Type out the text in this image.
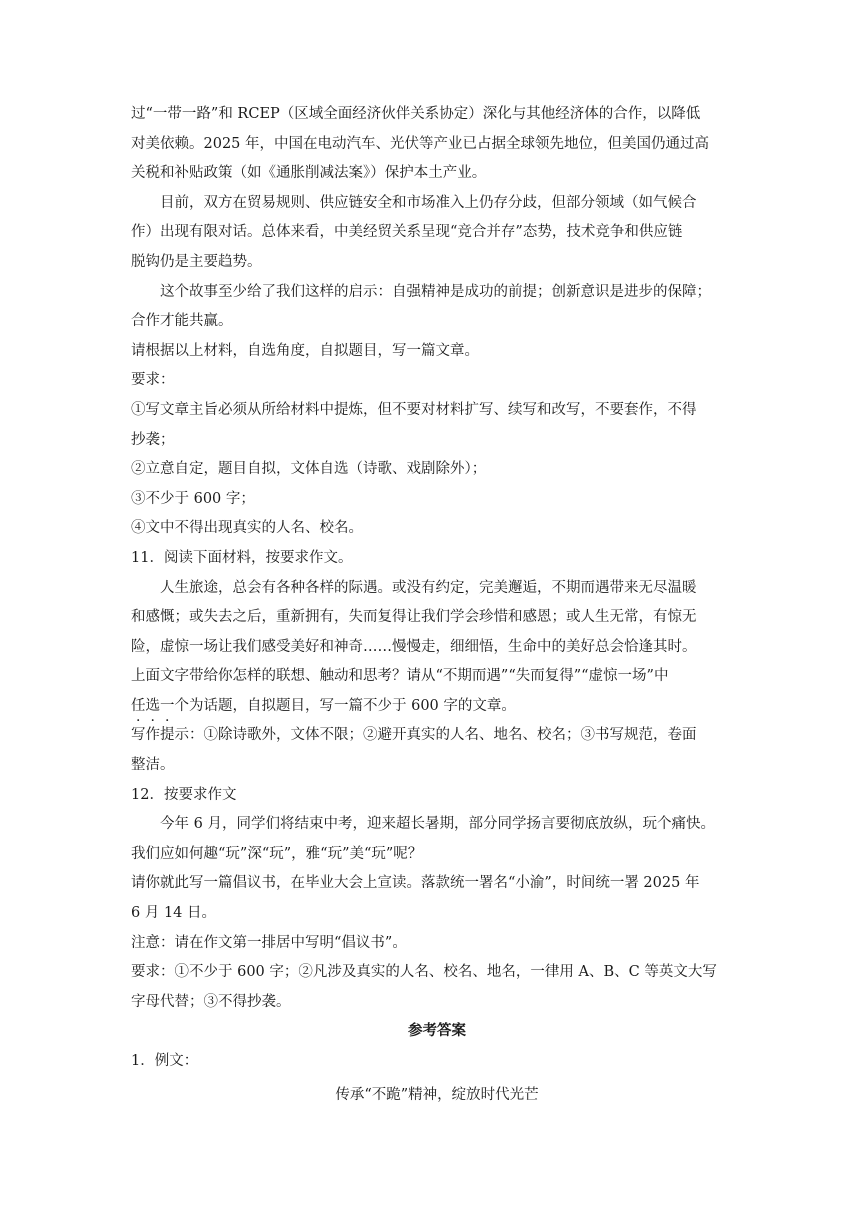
过“一带一路”和 RCEP（区域全面经济伙伴关系协定）深化与其他经济体的合作，以降低
对美依赖。2025 年，中国在电动汽车、光伏等产业已占据全球领先地位，但美国仍通过高
关税和补贴政策（如《通胀削减法案》）保护本土产业。
目前，双方在贸易规则、供应链安全和市场准入上仍存分歧，但部分领域（如气候合
作）出现有限对话。总体来看，中美经贸关系呈现“竞合并存”态势，技术竞争和供应链
脱钩仍是主要趋势。
这个故事至少给了我们这样的启示：自强精神是成功的前提；创新意识是进步的保障；
合作才能共赢。
请根据以上材料，自选角度，自拟题目，写一篇文章。
要求：
①写文章主旨必须从所给材料中提炼，但不要对材料扩写、续写和改写，不要套作，不得
抄袭；
②立意自定，题目自拟，文体自选（诗歌、戏剧除外）；
③不少于 600 字；
④文中不得出现真实的人名、校名。
11．阅读下面材料，按要求作文。
人生旅途，总会有各种各样的际遇。或没有约定，完美邂逅，不期而遇带来无尽温暖
和感慨；或失去之后，重新拥有，失而复得让我们学会珍惜和感恩；或人生无常，有惊无
险，虚惊一场让我们感受美好和神奇……慢慢走，细细悟，生命中的美好总会恰逢其时。
上面文字带给你怎样的联想、触动和思考？请从“不期而遇”“失而复得”“虚惊一场”中
任选一个为话题，自拟题目，写一篇不少于 600 字的文章。
写作提示：①除诗歌外，文体不限；②避开真实的人名、地名、校名；③书写规范，卷面
整洁。
12．按要求作文
今年 6 月，同学们将结束中考，迎来超长暑期，部分同学扬言要彻底放纵，玩个痛快。
我们应如何趣“玩”深“玩”，雅“玩”美“玩”呢？
请你就此写一篇倡议书，在毕业大会上宣读。落款统一署名“小渝”，时间统一署 2025 年
6 月 14 日。
注意：请在作文第一排居中写明“倡议书”。
要求：①不少于 600 字；②凡涉及真实的人名、校名、地名，一律用 A、B、C 等英文大写
字母代替；③不得抄袭。
参考答案
1．例文：
传承“不跪”精神，绽放时代光芒
